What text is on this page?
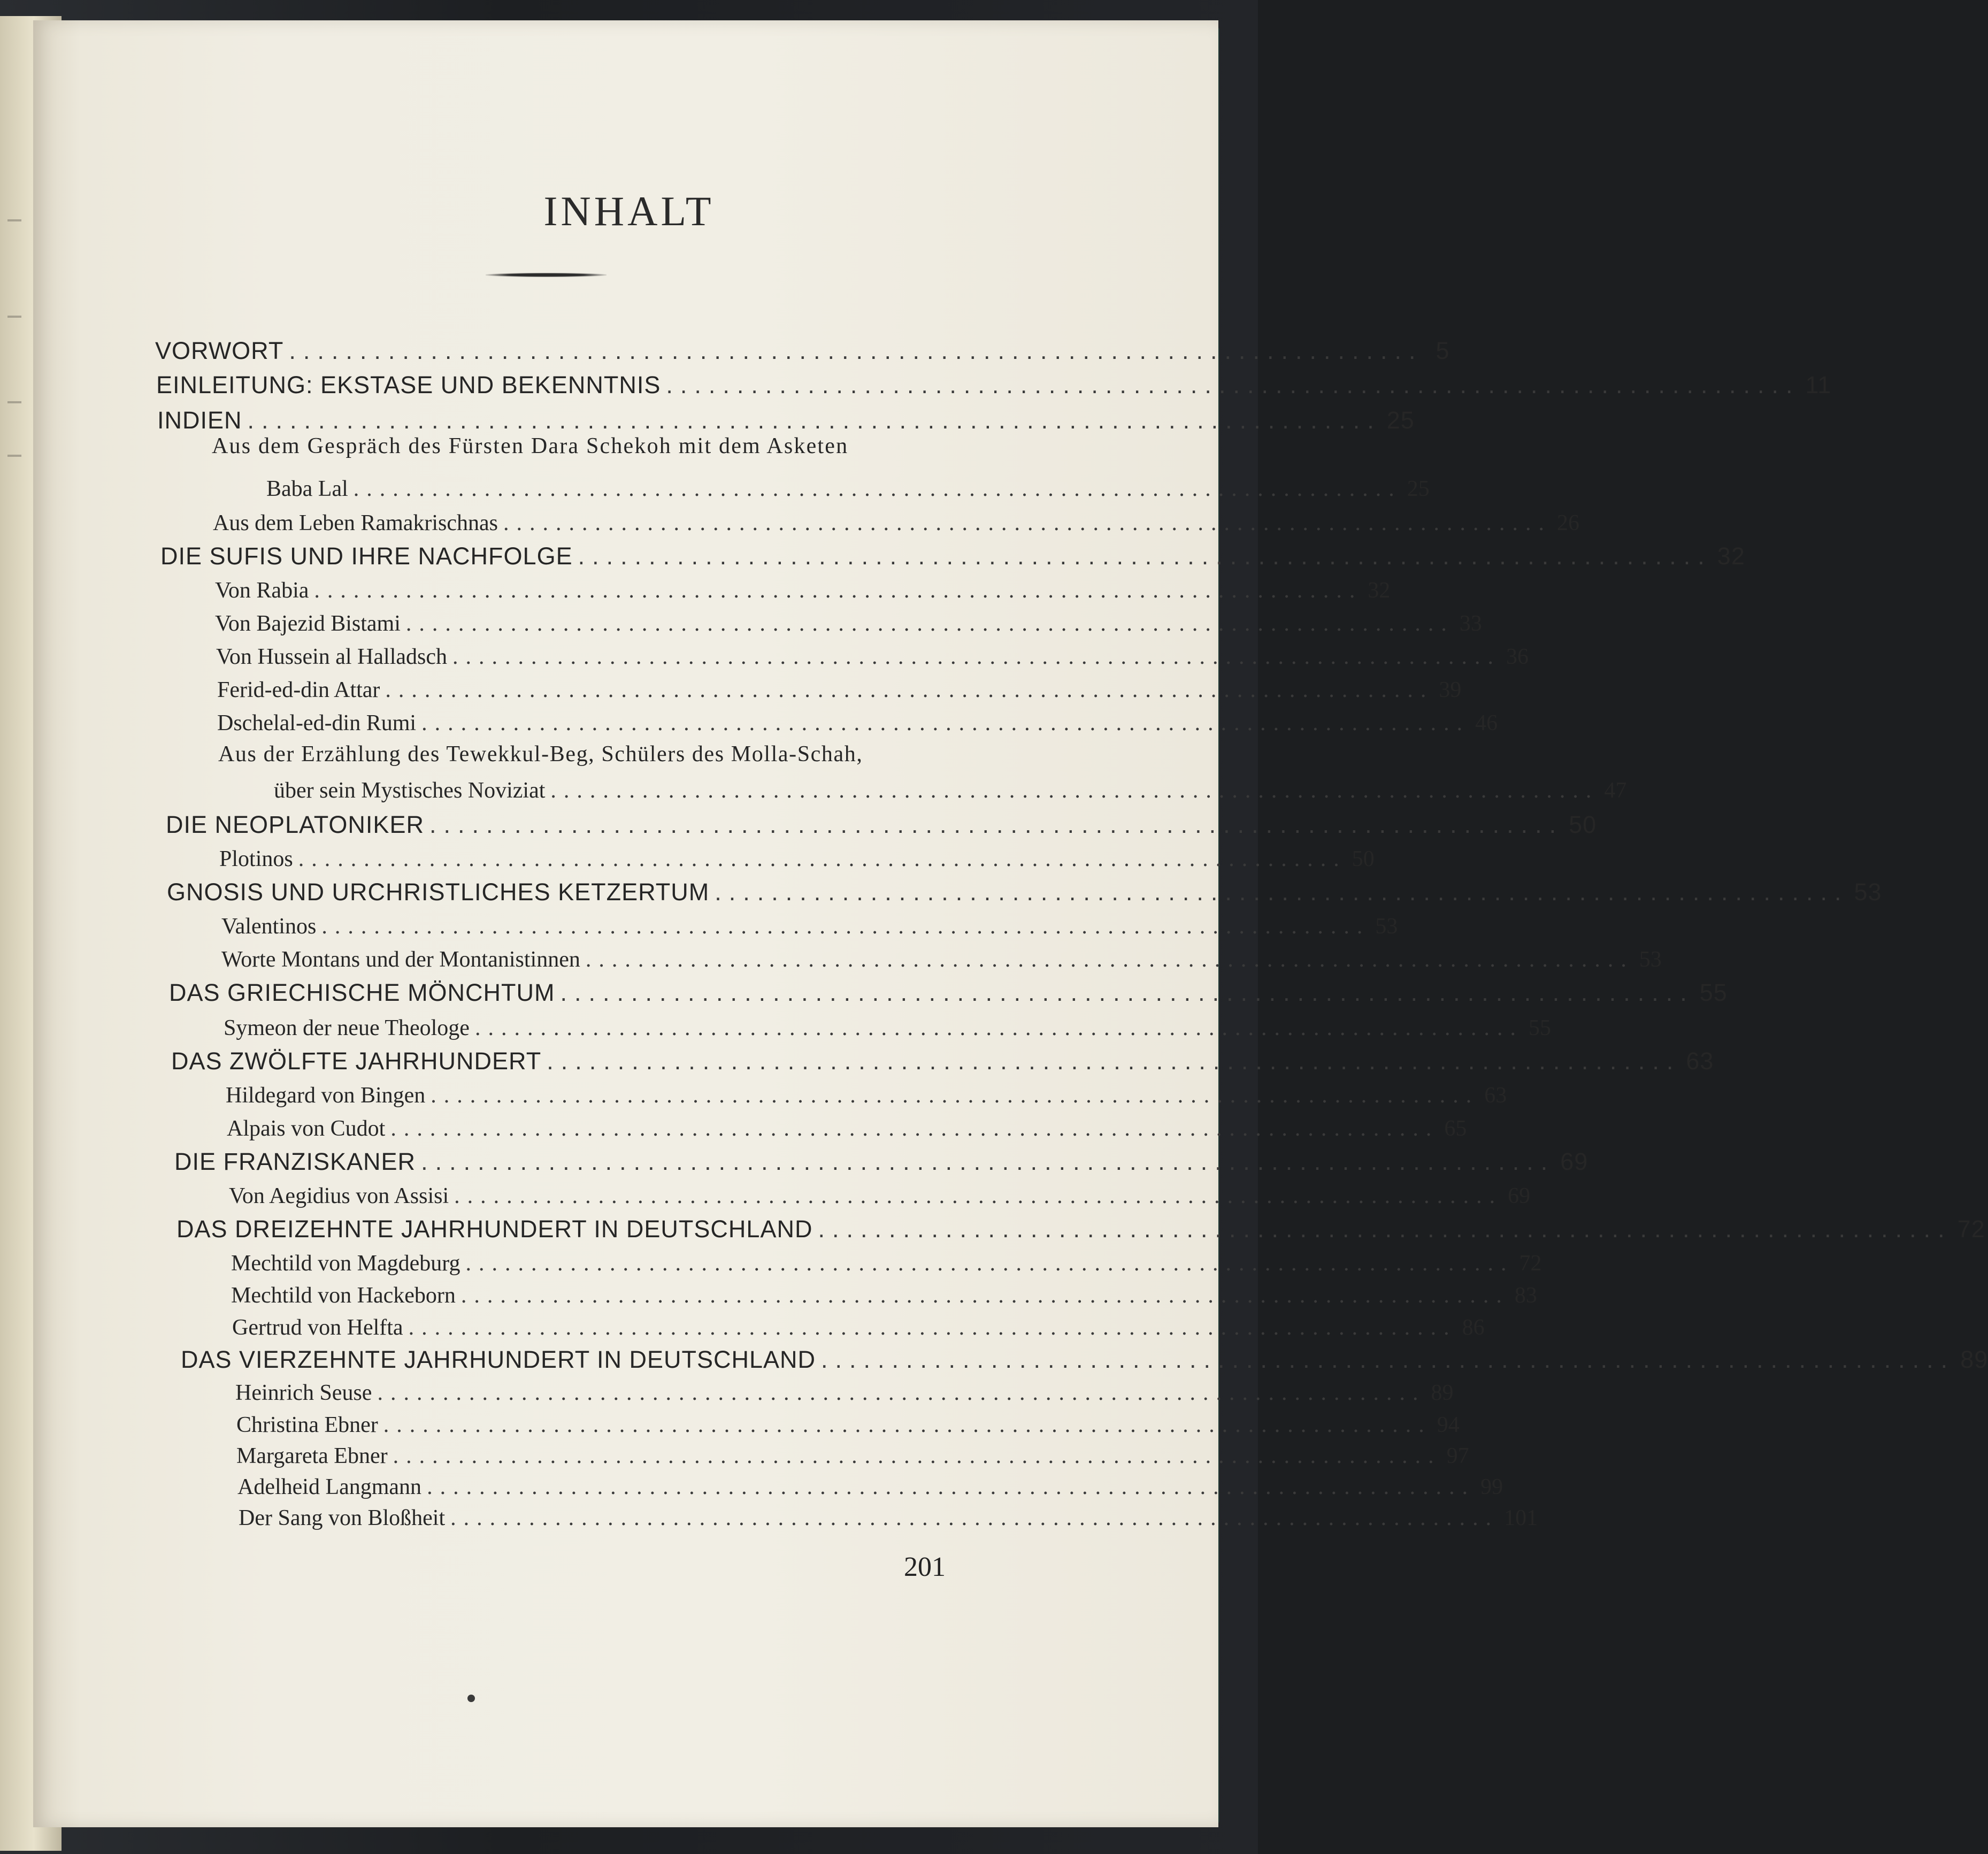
INHALT
VORWORT ................................................................................ 5
EINLEITUNG: EKSTASE UND BEKENNTNIS ................................................................................ 11
INDIEN ................................................................................ 25
Aus dem Gespräch des Fürsten Dara Schekoh mit dem Asketen
Baba Lal ................................................................................ 25
Aus dem Leben Ramakrischnas ................................................................................ 26
DIE SUFIS UND IHRE NACHFOLGE ................................................................................ 32
Von Rabia ................................................................................ 32
Von Bajezid Bistami ................................................................................ 33
Von Hussein al Halladsch ................................................................................ 36
Ferid-ed-din Attar ................................................................................ 39
Dschelal-ed-din Rumi ................................................................................ 46
Aus der Erzählung des Tewekkul-Beg, Schülers des Molla-Schah,
über sein Mystisches Noviziat ................................................................................ 47
DIE NEOPLATONIKER ................................................................................ 50
Plotinos ................................................................................ 50
GNOSIS UND URCHRISTLICHES KETZERTUM ................................................................................ 53
Valentinos ................................................................................ 53
Worte Montans und der Montanistinnen ................................................................................ 53
DAS GRIECHISCHE MÖNCHTUM ................................................................................ 55
Symeon der neue Theologe ................................................................................ 55
DAS ZWÖLFTE JAHRHUNDERT ................................................................................ 63
Hildegard von Bingen ................................................................................ 63
Alpais von Cudot ................................................................................ 65
DIE FRANZISKANER ................................................................................ 69
Von Aegidius von Assisi ................................................................................ 69
DAS DREIZEHNTE JAHRHUNDERT IN DEUTSCHLAND ................................................................................ 72
Mechtild von Magdeburg ................................................................................ 72
Mechtild von Hackeborn ................................................................................ 83
Gertrud von Helfta ................................................................................ 86
DAS VIERZEHNTE JAHRHUNDERT IN DEUTSCHLAND ................................................................................ 89
Heinrich Seuse ................................................................................ 89
Christina Ebner ................................................................................ 94
Margareta Ebner ................................................................................ 97
Adelheid Langmann ................................................................................ 99
Der Sang von Bloßheit ................................................................................ 101
201
